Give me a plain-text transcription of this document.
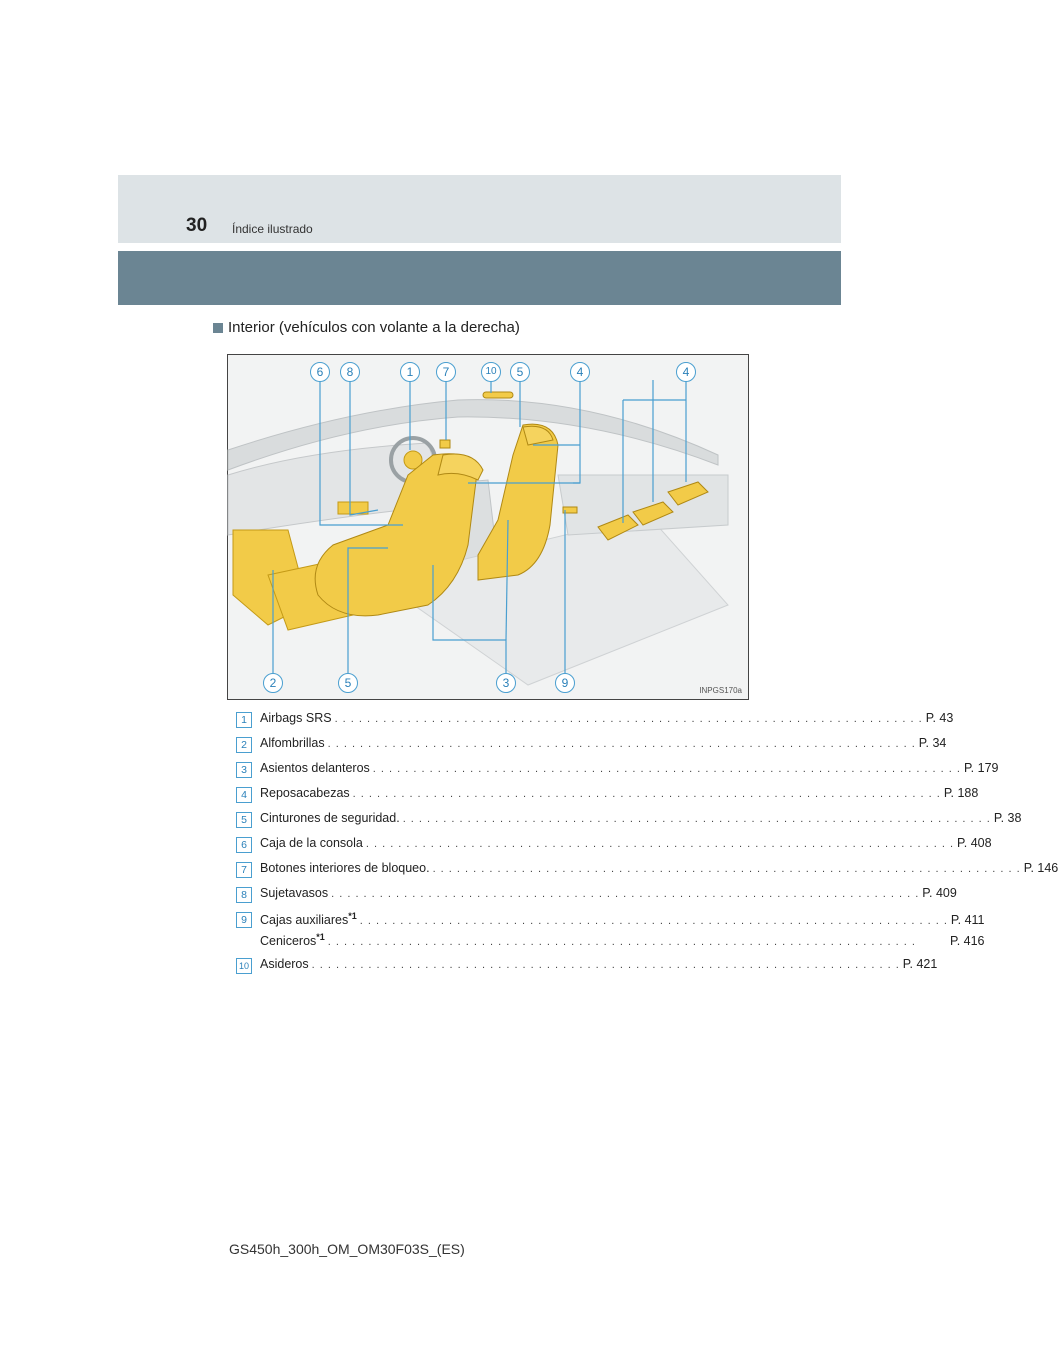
30 Índice ilustrado
Interior (vehículos con volante a la derecha)
INPGS170a
6	8	1	7	10	5	4	4
2	5	3	9
1	Airbags SRS . . . . . . . . . . . . . . . . . . . . . . . . . . . . . . . . . . . . . . . . . . . . . . . . . . . . . . . . . . . . . . . . . . . . . . . . . P. 43
2	Alfombrillas . . . . . . . . . . . . . . . . . . . . . . . . . . . . . . . . . . . . . . . . . . . . . . . . . . . . . . . . . . . . . . . . . . . . . . . . . P. 34
3	Asientos delanteros . . . . . . . . . . . . . . . . . . . . . . . . . . . . . . . . . . . . . . . . . . . . . . . . . . . . . . . . . . . . . . . . . . . . . . . . . P. 179
4	Reposacabezas . . . . . . . . . . . . . . . . . . . . . . . . . . . . . . . . . . . . . . . . . . . . . . . . . . . . . . . . . . . . . . . . . . . . . . . . . P. 188
5	Cinturones de seguridad. . . . . . . . . . . . . . . . . . . . . . . . . . . . . . . . . . . . . . . . . . . . . . . . . . . . . . . . . . . . . . . . . . . . . . . . . . P. 38
6	Caja de la consola . . . . . . . . . . . . . . . . . . . . . . . . . . . . . . . . . . . . . . . . . . . . . . . . . . . . . . . . . . . . . . . . . . . . . . . . . P. 408
7	Botones interiores de bloqueo. . . . . . . . . . . . . . . . . . . . . . . . . . . . . . . . . . . . . . . . . . . . . . . . . . . . . . . . . . . . . . . . . . . . . . . . . . P. 146
8	Sujetavasos . . . . . . . . . . . . . . . . . . . . . . . . . . . . . . . . . . . . . . . . . . . . . . . . . . . . . . . . . . . . . . . . . . . . . . . . . P. 409
9	Cajas auxiliares$^{*1}$ . . . . . . . . . . . . . . . . . . . . . . . . . . . . . . . . . . . . . . . . . . . . . . . . . . . . . . . . . . . . . . . . . . . . . . . . . P. 411
Ceniceros$^{*1}$ . . . . . . . . . . . . . . . . . . . . . . . . . . . . . . . . . . . . . . . . . . . . . . . . . . . . . . . . . . . . . . . . . . . . . . . . .	P. 416
10 Asideros . . . . . . . . . . . . . . . . . . . . . . . . . . . . . . . . . . . . . . . . . . . . . . . . . . . . . . . . . . . . . . . . . . . . . . . . . P. 421
GS450h_300h_OM_OM30F03S_(ES)
